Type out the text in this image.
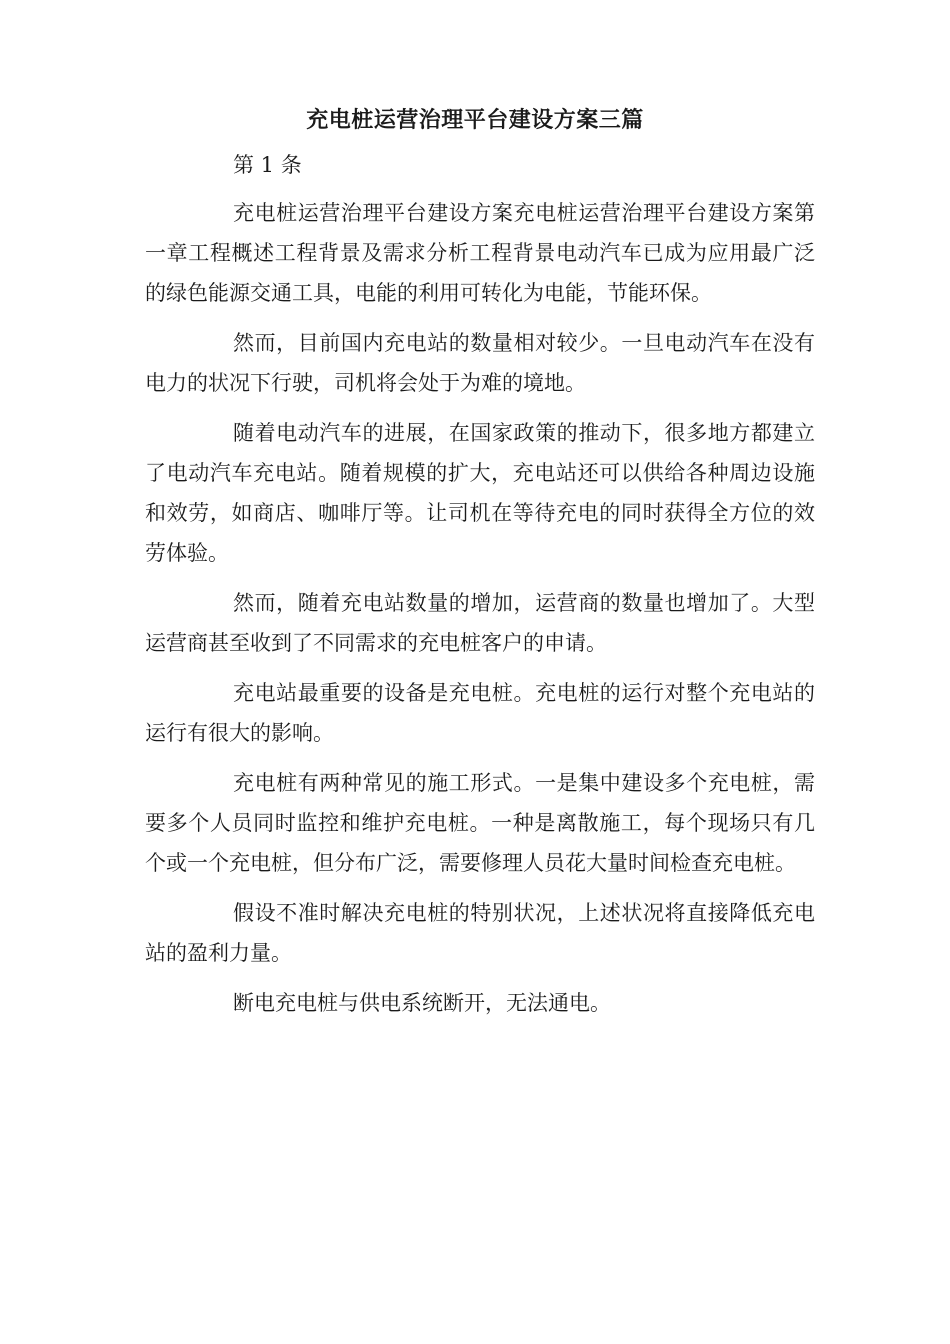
充电桩运营治理平台建设方案三篇
第 1 条

充电桩运营治理平台建设方案充电桩运营治理平台建设方案第一章工程概述工程背景及需求分析工程背景电动汽车已成为应用最广泛的绿色能源交通工具，电能的利用可转化为电能，节能环保。

然而，目前国内充电站的数量相对较少。一旦电动汽车在没有电力的状况下行驶，司机将会处于为难的境地。

随着电动汽车的进展，在国家政策的推动下，很多地方都建立了电动汽车充电站。随着规模的扩大，充电站还可以供给各种周边设施和效劳，如商店、咖啡厅等。让司机在等待充电的同时获得全方位的效劳体验。

然而，随着充电站数量的增加，运营商的数量也增加了。大型运营商甚至收到了不同需求的充电桩客户的申请。

充电站最重要的设备是充电桩。充电桩的运行对整个充电站的运行有很大的影响。

充电桩有两种常见的施工形式。一是集中建设多个充电桩，需要多个人员同时监控和维护充电桩。一种是离散施工，每个现场只有几个或一个充电桩，但分布广泛，需要修理人员花大量时间检查充电桩。

假设不准时解决充电桩的特别状况，上述状况将直接降低充电站的盈利力量。

断电充电桩与供电系统断开，无法通电。
